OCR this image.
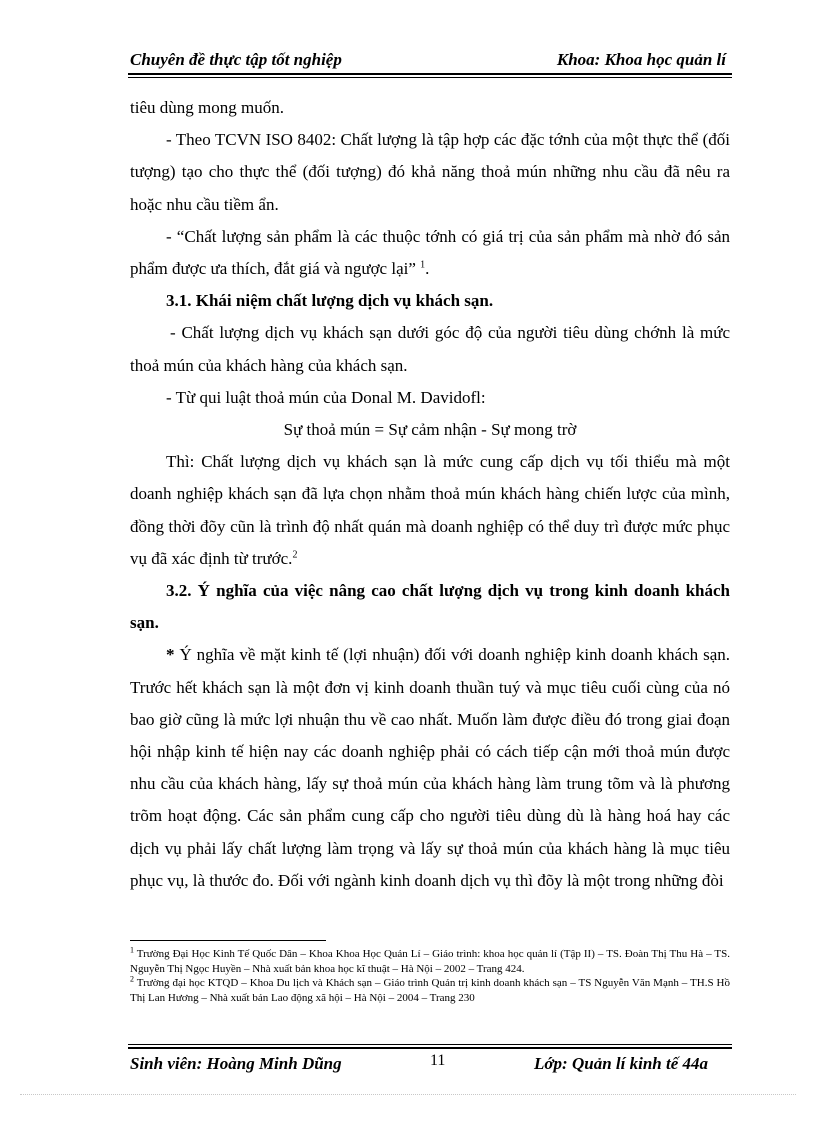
Chuyên đề thực tập tốt nghiệp	Khoa: Khoa học quản lí

tiêu dùng mong muốn.

- Theo TCVN ISO 8402: Chất lượng là tập hợp các đặc tớnh của một thực thể (đối tượng) tạo cho thực thể (đối tượng) đó khả năng thoả mún những nhu cầu đã nêu ra hoặc nhu cầu tiềm ẩn.

- “Chất lượng sản phẩm là các thuộc tớnh có giá trị của sản phẩm mà nhờ đó sản phẩm được ưa thích, đắt giá và ngược lại” $^1$.

3.1. Khái niệm chất lượng dịch vụ khách sạn.

- Chất lượng dịch vụ khách sạn dưới góc độ của người tiêu dùng chớnh là mức thoả mún của khách hàng của khách sạn.

- Từ qui luật thoả mún của Donal M. Davidofl:

Sự thoả mún = Sự cảm nhận - Sự mong trờ

Thì: Chất lượng dịch vụ khách sạn là mức cung cấp dịch vụ tối thiểu mà một doanh nghiệp khách sạn đã lựa chọn nhằm thoả mún khách hàng chiến lược của mình, đồng thời đõy cũn là trình độ nhất quán mà doanh nghiệp có thể duy trì được mức phục vụ đã xác định từ trước.$^2$

3.2. Ý nghĩa của việc nâng cao chất lượng dịch vụ trong kinh doanh khách sạn.

* Ý nghĩa về mặt kinh tế (lợi nhuận) đối với doanh nghiệp kinh doanh khách sạn. Trước hết khách sạn là một đơn vị kinh doanh thuần tuý và mục tiêu cuối cùng của nó bao giờ cũng là mức lợi nhuận thu về cao nhất. Muốn làm được điều đó trong giai đoạn hội nhập kinh tế hiện nay các doanh nghiệp phải có cách tiếp cận mới thoả mún được nhu cầu của khách hàng, lấy sự thoả mún của khách hàng làm trung tõm và là phương trõm hoạt động. Các sản phẩm cung cấp cho người tiêu dùng dù là hàng hoá hay các dịch vụ phải lấy chất lượng làm trọng và lấy sự thoả mún của khách hàng là mục tiêu phục vụ, là thước đo. Đối với ngành kinh doanh dịch vụ thì đõy là một trong những đòi

$^1$ Trường Đại Học Kinh Tế Quốc Dân – Khoa Khoa Học Quản Lí – Giáo trình: khoa học quản lí (Tập II) – TS. Đoàn Thị Thu Hà – TS. Nguyễn Thị Ngọc Huyền – Nhà xuất bản khoa học kĩ thuật – Hà Nội – 2002 – Trang 424.

$^2$ Trường đại học KTQD – Khoa Du lịch và Khách sạn – Giáo trình Quản trị kinh doanh khách sạn – TS Nguyễn Văn Mạnh – TH.S Hồ Thị Lan Hương – Nhà xuất bản Lao động xã hội – Hà Nội – 2004 – Trang 230

Sinh viên: Hoàng Minh Dũng	11	Lớp: Quản lí kinh tế 44a
